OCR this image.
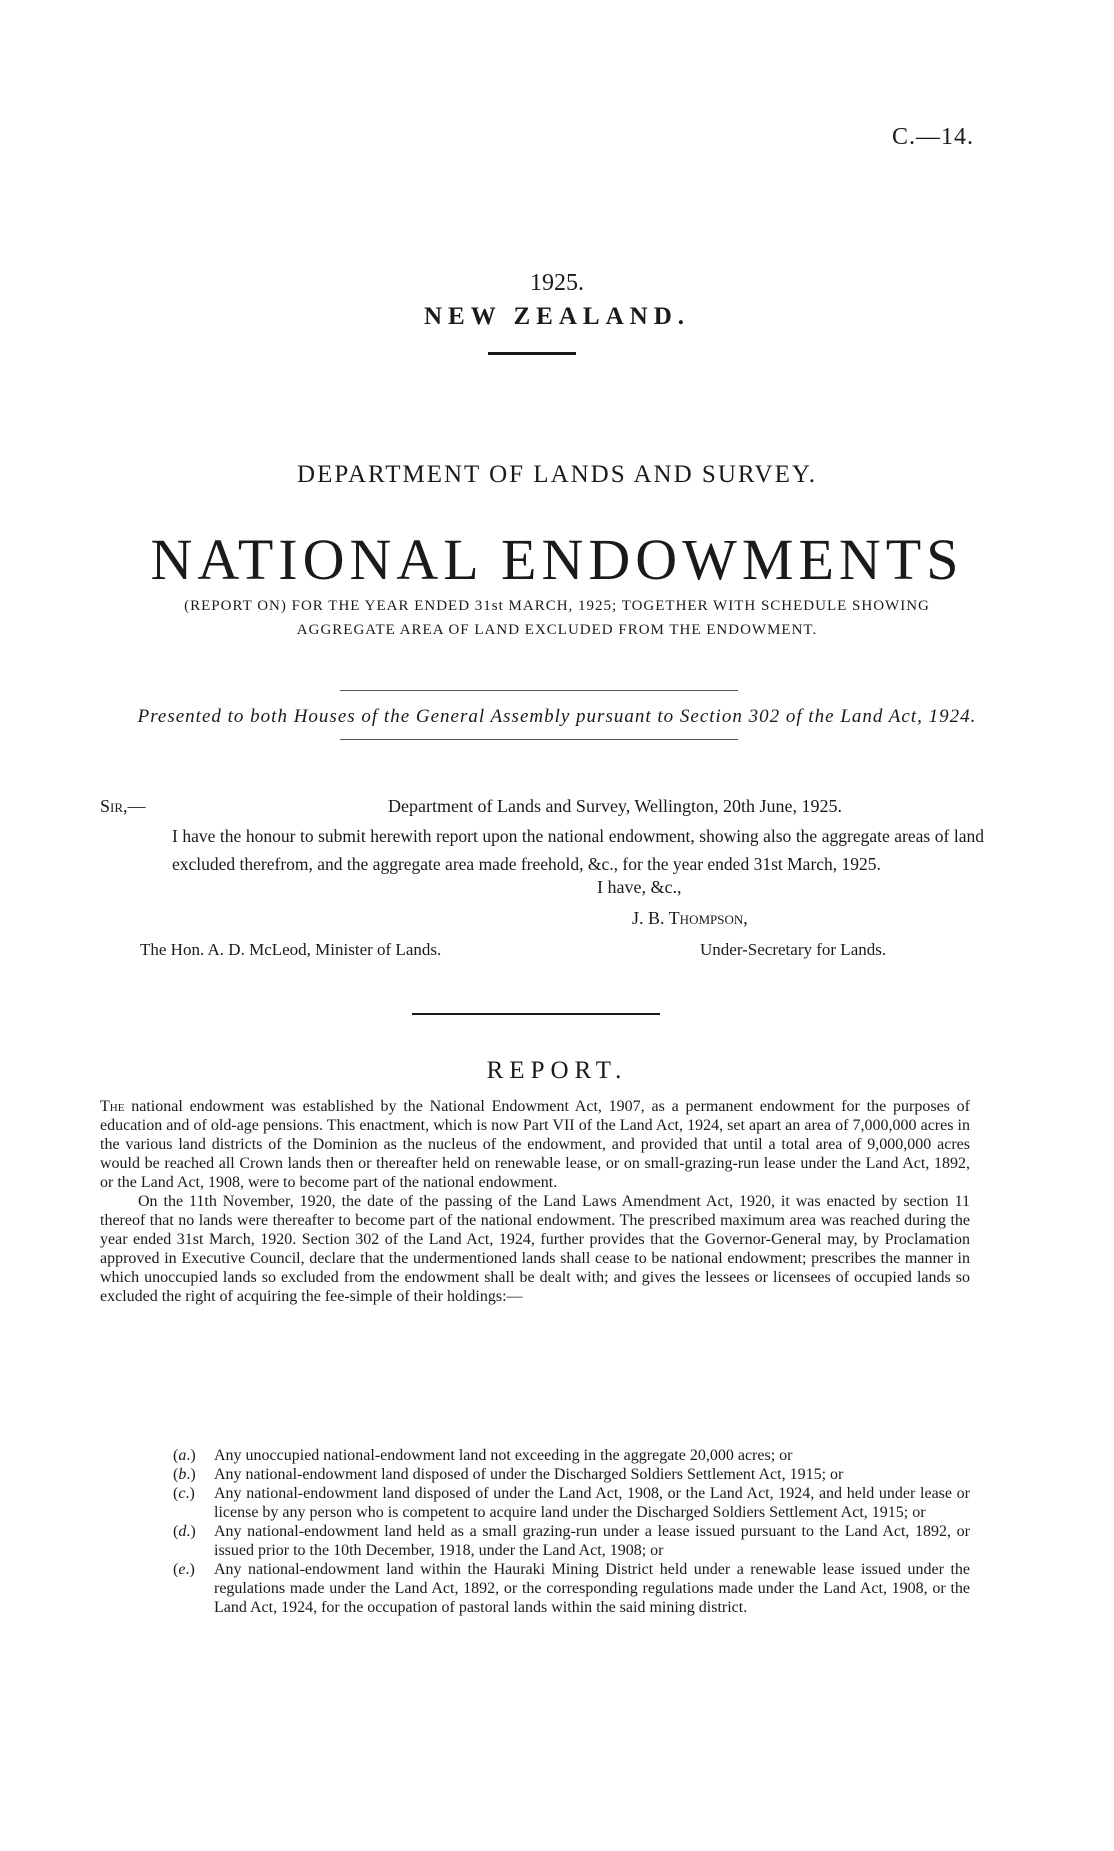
C.—14.
1925.
NEW ZEALAND.
DEPARTMENT OF LANDS AND SURVEY.
NATIONAL ENDOWMENTS
(REPORT ON) FOR THE YEAR ENDED 31st MARCH, 1925; TOGETHER WITH SCHEDULE SHOWING
AGGREGATE AREA OF LAND EXCLUDED FROM THE ENDOWMENT.
Presented to both Houses of the General Assembly pursuant to Section 302 of the Land Act, 1924.
Sir,—	Department of Lands and Survey, Wellington, 20th June, 1925.
I have the honour to submit herewith report upon the national endowment, showing also the aggregate areas of land excluded therefrom, and the aggregate area made freehold, &c., for the year ended 31st March, 1925.
I have, &c.,
J. B. Thompson,
The Hon. A. D. McLeod, Minister of Lands.	Under-Secretary for Lands.
REPORT.

The national endowment was established by the National Endowment Act, 1907, as a permanent endowment for the purposes of education and of old-age pensions. This enactment, which is now Part VII of the Land Act, 1924, set apart an area of 7,000,000 acres in the various land districts of the Dominion as the nucleus of the endowment, and provided that until a total area of 9,000,000 acres would be reached all Crown lands then or thereafter held on renewable lease, or on small-grazing-run lease under the Land Act, 1892, or the Land Act, 1908, were to become part of the national endowment.

On the 11th November, 1920, the date of the passing of the Land Laws Amendment Act, 1920, it was enacted by section 11 thereof that no lands were thereafter to become part of the national endowment. The prescribed maximum area was reached during the year ended 31st March, 1920. Section 302 of the Land Act, 1924, further provides that the Governor-General may, by Proclamation approved in Executive Council, declare that the undermentioned lands shall cease to be national endowment; prescribes the manner in which unoccupied lands so excluded from the endowment shall be dealt with; and gives the lessees or licensees of occupied lands so excluded the right of acquiring the fee-simple of their holdings:—

(a.) Any unoccupied national-endowment land not exceeding in the aggregate 20,000 acres; or

(b.) Any national-endowment land disposed of under the Discharged Soldiers Settlement Act, 1915; or

(c.) Any national-endowment land disposed of under the Land Act, 1908, or the Land Act, 1924, and held under lease or license by any person who is competent to acquire land under the Discharged Soldiers Settlement Act, 1915; or

(d.) Any national-endowment land held as a small grazing-run under a lease issued pursuant to the Land Act, 1892, or issued prior to the 10th December, 1918, under the Land Act, 1908; or

(e.) Any national-endowment land within the Hauraki Mining District held under a renewable lease issued under the regulations made under the Land Act, 1892, or the corresponding regulations made under the Land Act, 1908, or the Land Act, 1924, for the occupation of pastoral lands within the said mining district.
